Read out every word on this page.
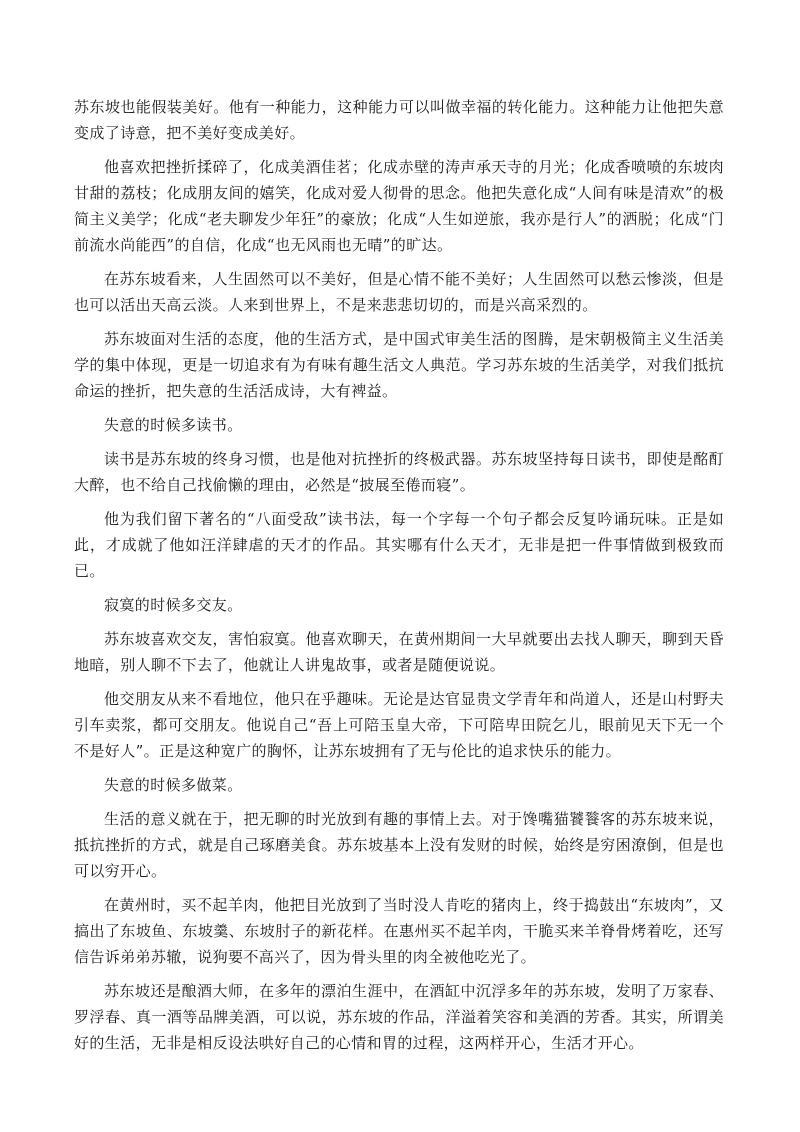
苏东坡也能假装美好。他有一种能力，这种能力可以叫做幸福的转化能力。这种能力让他把失意变成了诗意，把不美好变成美好。

他喜欢把挫折揉碎了，化成美酒佳茗；化成赤壁的涛声承天寺的月光；化成香喷喷的东坡肉甘甜的荔枝；化成朋友间的嬉笑，化成对爱人彻骨的思念。他把失意化成“人间有味是清欢”的极简主义美学；化成“老夫聊发少年狂”的豪放；化成“人生如逆旅，我亦是行人”的洒脱；化成“门前流水尚能西”的自信，化成“也无风雨也无晴”的旷达。

在苏东坡看来，人生固然可以不美好，但是心情不能不美好；人生固然可以愁云惨淡，但是也可以活出天高云淡。人来到世界上，不是来悲悲切切的，而是兴高采烈的。

苏东坡面对生活的态度，他的生活方式，是中国式审美生活的图腾，是宋朝极简主义生活美学的集中体现，更是一切追求有为有味有趣生活文人典范。学习苏东坡的生活美学，对我们抵抗命运的挫折，把失意的生活活成诗，大有裨益。

失意的时候多读书。

读书是苏东坡的终身习惯，也是他对抗挫折的终极武器。苏东坡坚持每日读书，即使是酩酊大醉，也不给自己找偷懒的理由，必然是“披展至倦而寝”。

他为我们留下著名的“八面受敌”读书法，每一个字每一个句子都会反复吟诵玩味。正是如此，才成就了他如汪洋肆虐的天才的作品。其实哪有什么天才，无非是把一件事情做到极致而已。

寂寞的时候多交友。

苏东坡喜欢交友，害怕寂寞。他喜欢聊天，在黄州期间一大早就要出去找人聊天，聊到天昏地暗，别人聊不下去了，他就让人讲鬼故事，或者是随便说说。

他交朋友从来不看地位，他只在乎趣味。无论是达官显贵文学青年和尚道人，还是山村野夫引车卖浆，都可交朋友。他说自己“吾上可陪玉皇大帝，下可陪卑田院乞儿，眼前见天下无一个不是好人”。正是这种宽广的胸怀，让苏东坡拥有了无与伦比的追求快乐的能力。

失意的时候多做菜。

生活的意义就在于，把无聊的时光放到有趣的事情上去。对于馋嘴猫饕餮客的苏东坡来说，抵抗挫折的方式，就是自己琢磨美食。苏东坡基本上没有发财的时候，始终是穷困潦倒，但是也可以穷开心。

在黄州时，买不起羊肉，他把目光放到了当时没人肯吃的猪肉上，终于捣鼓出“东坡肉”，又搞出了东坡鱼、东坡羹、东坡肘子的新花样。在惠州买不起羊肉，干脆买来羊脊骨烤着吃，还写信告诉弟弟苏辙，说狗要不高兴了，因为骨头里的肉全被他吃光了。

苏东坡还是酿酒大师，在多年的漂泊生涯中，在酒缸中沉浮多年的苏东坡，发明了万家春、罗浮春、真一酒等品牌美酒，可以说，苏东坡的作品，洋溢着笑容和美酒的芳香。其实，所谓美好的生活，无非是相反设法哄好自己的心情和胃的过程，这两样开心，生活才开心。
